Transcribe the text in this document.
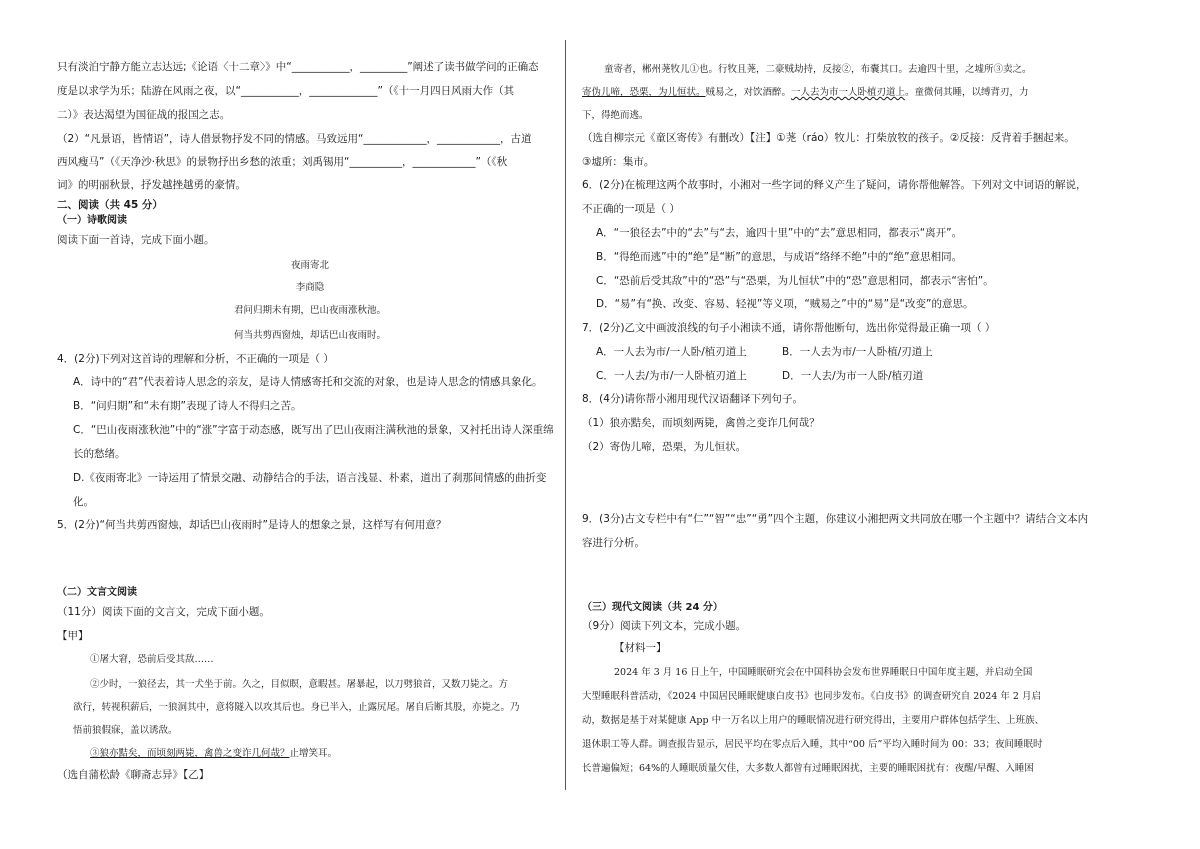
只有淡泊宁静方能立志达远;《论语〈十二章〉》中“___________，_________”阐述了读书做学问的正确态
度是以求学为乐；陆游在风雨之夜，以“___________，_____________”（《十一月四日风雨大作（其
二）》表达渴望为国征战的报国之志。
（2）“凡景语，皆情语”，诗人借景物抒发不同的情感。马致远用“____________，____________，古道
西风瘦马”（《天净沙·秋思》的景物抒出乡愁的浓重；刘禹锡用“__________，____________”（《秋
词》的明丽秋景，抒发越挫越勇的豪情。
二、阅读（共 45 分）
（一）诗歌阅读
阅读下面一首诗，完成下面小题。
夜雨寄北
李商隐
君问归期未有期，巴山夜雨涨秋池。
何当共剪西窗烛，却话巴山夜雨时。
4．(2分)下列对这首诗的理解和分析，不正确的一项是（ ）
A．诗中的“君”代表着诗人思念的亲友，是诗人情感寄托和交流的对象，也是诗人思念的情感具象化。
B．“问归期”和“未有期”表现了诗人不得归之苦。
C．“巴山夜雨涨秋池”中的“涨”字富于动态感，既写出了巴山夜雨注满秋池的景象，又衬托出诗人深重绵
长的愁绪。
D.《夜雨寄北》一诗运用了情景交融、动静结合的手法，语言浅显、朴素，道出了刹那间情感的曲折变
化。
5．(2分)“何当共剪西窗烛，却话巴山夜雨时”是诗人的想象之景，这样写有何用意？
（二）文言文阅读
（11分）阅读下面的文言文，完成下面小题。
【甲】
①屠大窘，恐前后受其敌……
②少时，一狼径去，其一犬坐于前。久之，目似瞑，意暇甚。屠暴起，以刀劈狼首，又数刀毙之。方
欲行，转视积薪后，一狼洞其中，意将隧入以攻其后也。身已半入，止露尻尾。屠自后断其股，亦毙之。乃
悟前狼假寐，盖以诱敌。
③狼亦黠矣，而顷刻两毙，禽兽之变诈几何哉？止增笑耳。
（选自蒲松龄《聊斋志异》【乙】
童寄者，郴州荛牧儿①也。行牧且荛，二豪贼劫持，反接②，布囊其口。去逾四十里，之墟所③卖之。
寄伪儿啼，恐栗，为儿恒状。贼易之，对饮酒醉。一人去为市一人卧植刃道上。童微伺其睡，以缚背刃，力
下，得绝而逃。
（选自柳宗元《童区寄传》有删改）【注】①荛（ráo）牧儿：打柴放牧的孩子。②反接：反背着手捆起来。
③墟所：集市。
6．(2分)在梳理这两个故事时，小湘对一些字词的释义产生了疑问，请你帮他解答。下列对文中词语的解说，
不正确的一项是（ ）
A．“一狼径去”中的“去”与“去，逾四十里”中的“去”意思相同，都表示“离开”。
B．“得绝而逃”中的“绝”是“断”的意思，与成语“络绎不绝”中的“绝”意思相同。
C．“恐前后受其敌”中的“恐”与“恐栗，为儿恒状”中的“恐”意思相同，都表示“害怕”。
D．“易”有“换、改变、容易、轻视”等义项，“贼易之”中的“易”是“改变”的意思。
7．(2分)乙文中画波浪线的句子小湘读不通，请你帮他断句，选出你觉得最正确一项（ ）
A．一人去为市/一人卧/植刃道上	B．一人去为市/一人卧植/刃道上
C．一人去/为市/一人卧植刃道上	D．一人去/为市一人卧/植刃道
8．(4分)请你帮小湘用现代汉语翻译下列句子。
（1）狼亦黠矣，而顷刻两毙，禽兽之变诈几何哉？
（2）寄伪儿啼，恐栗，为儿恒状。
9．(3分)古文专栏中有“仁”“智”“忠”“勇”四个主题，你建议小湘把两文共同放在哪一个主题中？请结合文本内
容进行分析。
（三）现代文阅读（共 24 分）
（9分）阅读下列文本，完成小题。
【材料一】
2024 年 3 月 16 日上午，中国睡眠研究会在中国科协会发布世界睡眠日中国年度主题，并启动全国
大型睡眠科普活动，《2024 中国居民睡眠健康白皮书》也同步发布。《白皮书》的调查研究自 2024 年 2 月启
动，数据是基于对某健康 App 中一万名以上用户的睡眠情况进行研究得出，主要用户群体包括学生、上班族、
退休职工等人群。调查报告显示，居民平均在零点后入睡，其中“00 后”平均入睡时间为 00：33；夜间睡眠时
长普遍偏短；64%的人睡眠质量欠佳，大多数人都曾有过睡眠困扰，主要的睡眠困扰有：夜醒/早醒、入睡困
